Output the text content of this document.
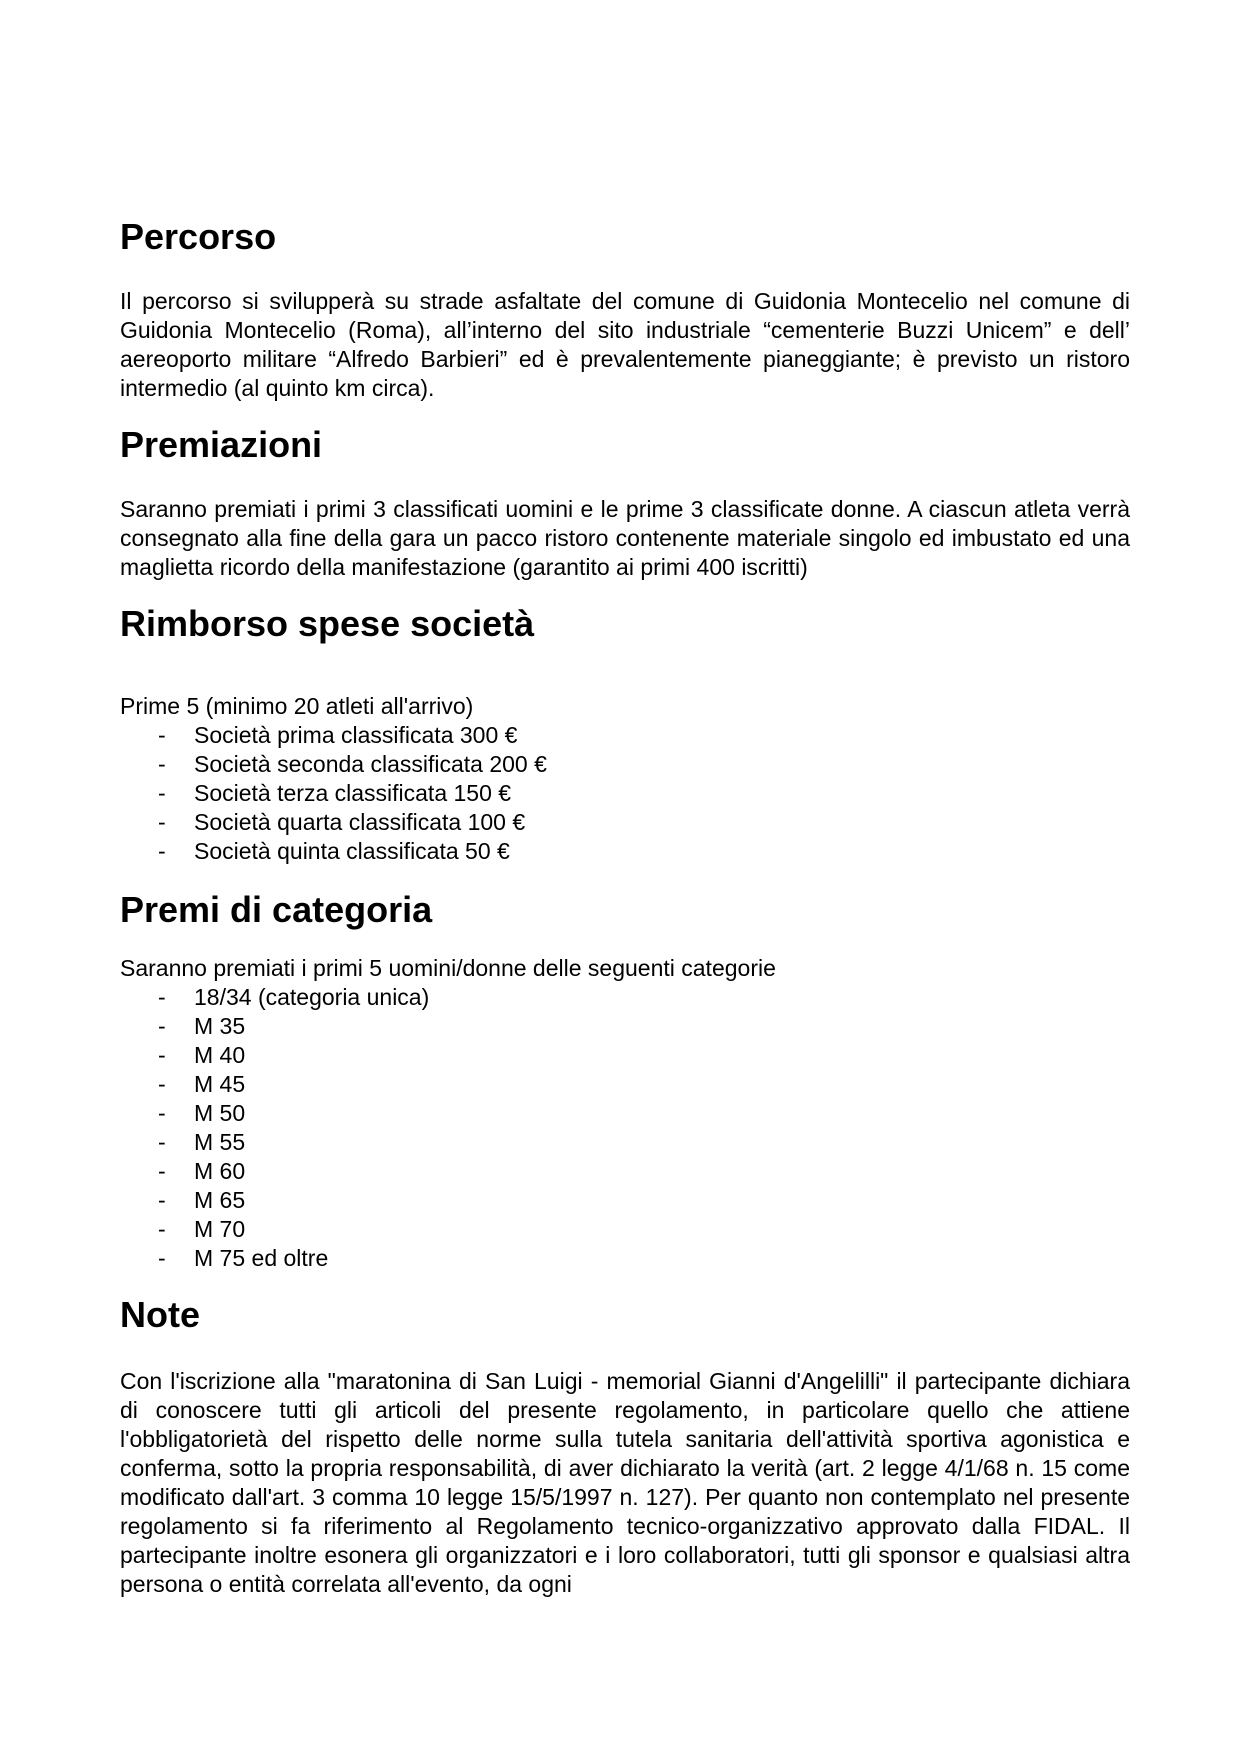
Percorso

Il percorso si svilupperà su strade asfaltate del comune di Guidonia Montecelio nel comune di Guidonia Montecelio (Roma), all’interno del sito industriale “cementerie Buzzi Unicem” e dell’ aereoporto militare “Alfredo Barbieri” ed è prevalentemente pianeggiante; è previsto un ristoro intermedio (al quinto km circa).

Premiazioni

Saranno premiati i primi 3 classificati uomini e le prime 3 classificate donne. A ciascun atleta verrà consegnato alla fine della gara un pacco ristoro contenente materiale singolo ed imbustato ed una maglietta ricordo della manifestazione (garantito ai primi 400 iscritti)

Rimborso spese società

Prime 5 (minimo 20 atleti all'arrivo)

- Società prima classificata 300 €
- Società seconda classificata 200 €
- Società terza classificata 150 €
- Società quarta classificata 100 €
- Società quinta classificata 50 €
Premi di categoria

Saranno premiati i primi 5 uomini/donne delle seguenti categorie

- 18/34 (categoria unica)
- M 35
- M 40
- M 45
- M 50
- M 55
- M 60
- M 65
- M 70
- M 75 ed oltre
Note

Con l'iscrizione alla "maratonina di San Luigi - memorial Gianni d'Angelilli" il partecipante dichiara di conoscere tutti gli articoli del presente regolamento, in particolare quello che attiene l'obbligatorietà del rispetto delle norme sulla tutela sanitaria dell'attività sportiva agonistica e conferma, sotto la propria responsabilità, di aver dichiarato la verità (art. 2 legge 4/1/68 n. 15 come modificato dall'art. 3 comma 10 legge 15/5/1997 n. 127). Per quanto non contemplato nel presente regolamento si fa riferimento al Regolamento tecnico-organizzativo approvato dalla FIDAL. Il partecipante inoltre esonera gli organizzatori e i loro collaboratori, tutti gli sponsor e qualsiasi altra persona o entità correlata all'evento, da ogni
